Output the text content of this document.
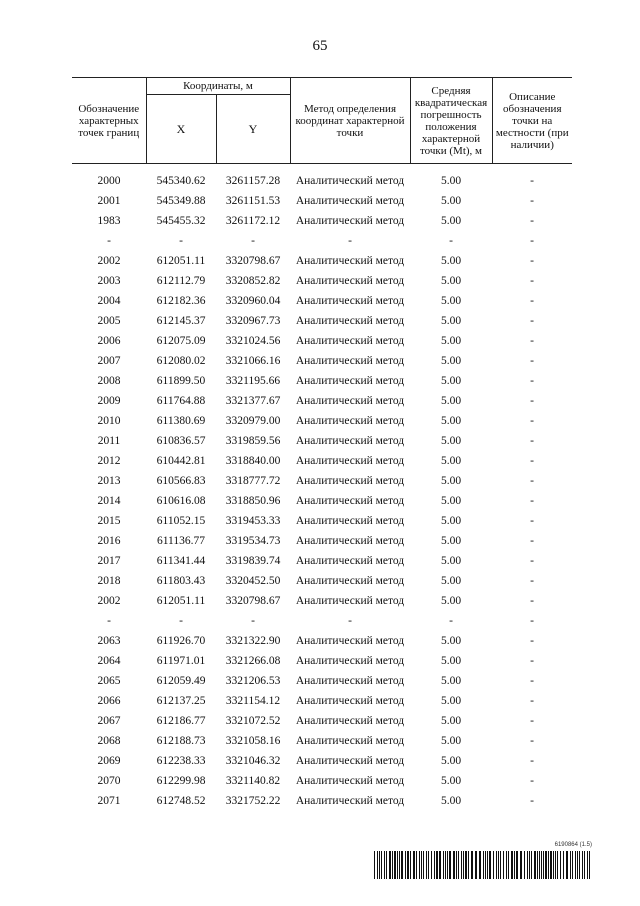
65
Обозначение характерных точек границ	Координаты, м		Метод определения координат характерной точки	Средняя квадратическая погрешность положения характерной точки (Мt), м	Описание обозначения точки на местности (при наличии)
	X	Y			

2000	545340.62	3261157.28	Аналитический метод	5.00	-
2001	545349.88	3261151.53	Аналитический метод	5.00	-
1983	545455.32	3261172.12	Аналитический метод	5.00	-
-	-	-	-	-	-
2002	612051.11	3320798.67	Аналитический метод	5.00	-
2003	612112.79	3320852.82	Аналитический метод	5.00	-
2004	612182.36	3320960.04	Аналитический метод	5.00	-
2005	612145.37	3320967.73	Аналитический метод	5.00	-
2006	612075.09	3321024.56	Аналитический метод	5.00	-
2007	612080.02	3321066.16	Аналитический метод	5.00	-
2008	611899.50	3321195.66	Аналитический метод	5.00	-
2009	611764.88	3321377.67	Аналитический метод	5.00	-
2010	611380.69	3320979.00	Аналитический метод	5.00	-
2011	610836.57	3319859.56	Аналитический метод	5.00	-
2012	610442.81	3318840.00	Аналитический метод	5.00	-
2013	610566.83	3318777.72	Аналитический метод	5.00	-
2014	610616.08	3318850.96	Аналитический метод	5.00	-
2015	611052.15	3319453.33	Аналитический метод	5.00	-
2016	611136.77	3319534.73	Аналитический метод	5.00	-
2017	611341.44	3319839.74	Аналитический метод	5.00	-
2018	611803.43	3320452.50	Аналитический метод	5.00	-
2002	612051.11	3320798.67	Аналитический метод	5.00	-
-	-	-	-	-	-
2063	611926.70	3321322.90	Аналитический метод	5.00	-
2064	611971.01	3321266.08	Аналитический метод	5.00	-
2065	612059.49	3321206.53	Аналитический метод	5.00	-
2066	612137.25	3321154.12	Аналитический метод	5.00	-
2067	612186.77	3321072.52	Аналитический метод	5.00	-
2068	612188.73	3321058.16	Аналитический метод	5.00	-
2069	612238.33	3321046.32	Аналитический метод	5.00	-
2070	612299.98	3321140.82	Аналитический метод	5.00	-
2071	612748.52	3321752.22	Аналитический метод	5.00	-
6190864 (1.5)
